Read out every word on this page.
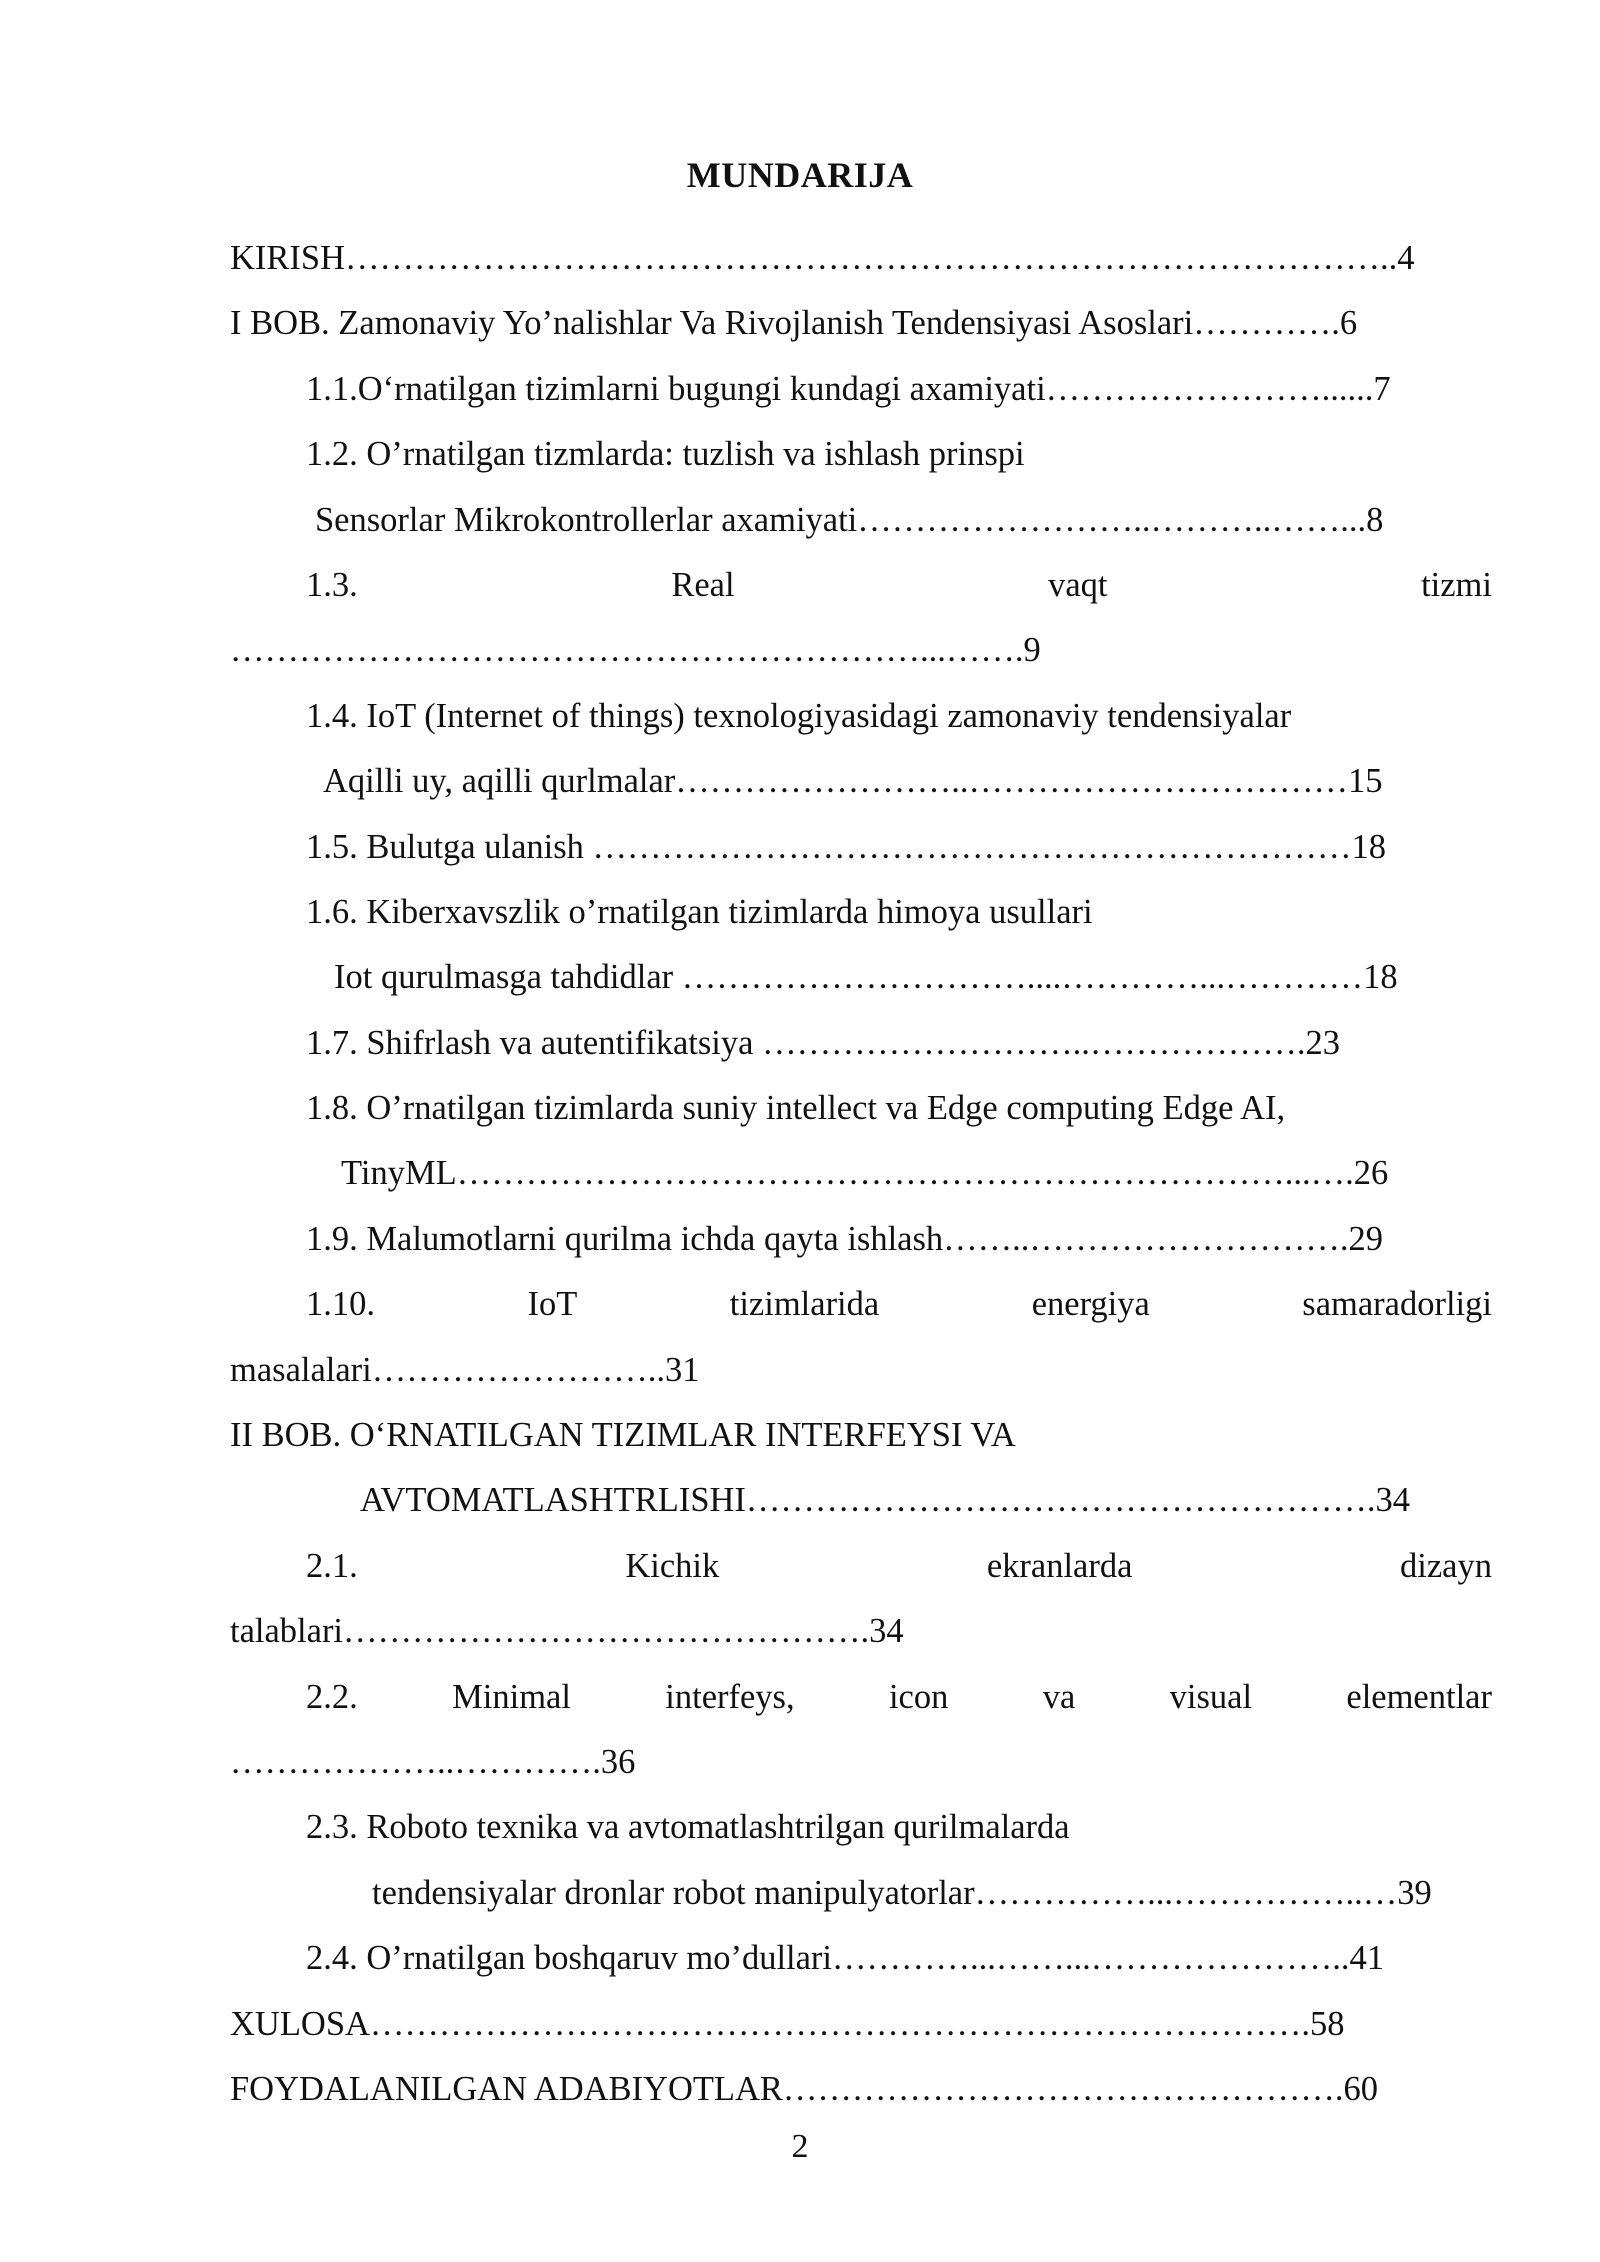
MUNDARIJA
KIRISH………………………………………………………………………………..4
I BOB. Zamonaviy Yo’nalishlar Va Rivojlanish Tendensiyasi Asoslari………….6
1.1.O‘rnatilgan tizimlarni bugungi kundagi axamiyati……………………......7
1.2. O’rnatilgan tizmlarda: tuzlish va ishlash prinspi
Sensorlar Mikrokontrollerlar axamiyati……………………..………..……...8
1.3.	Real	vaqt	tizmi
……………………………………………………...…….9
1.4. IoT (Internet of things) texnologiyasidagi zamonaviy tendensiyalar
Aqilli uy, aqilli qurlmalar……………………..……………………………15
1.5. Bulutga ulanish …………………………………………………………18
1.6. Kiberxavszlik o’rnatilgan tizimlarda himoya usullari
Iot qurulmasga tahdidlar …………………………....…………...…………18
1.7. Shifrlash va autentifikatsiya ………………………..……………….23
1.8. O’rnatilgan tizimlarda suniy intellect va Edge computing Edge AI,
TinyML………………………………………………………………...….26
1.9. Malumotlarni qurilma ichda qayta ishlash……..……………………….29
1.10.	IoT	tizimlarida	energiya	samaradorligi
masalalari……………………..31
II BOB. O‘RNATILGAN TIZIMLAR INTERFEYSI VA
AVTOMATLASHTRLISHI……………………………………………….34
2.1.	Kichik	ekranlarda	dizayn
talablari……………………………………….34
2.2.	Minimal	interfeys,	icon	va	visual	elementlar
………………..………….36
2.3. Roboto texnika va avtomatlashtrilgan qurilmalarda
tendensiyalar dronlar robot manipulyatorlar……………...……………..…39
2.4. O’rnatilgan boshqaruv mo’dullari…………...……...…………………..41
XULOSA……………………………………………………………………….58
FOYDALANILGAN ADABIYOTLAR………………………………………….60
2
